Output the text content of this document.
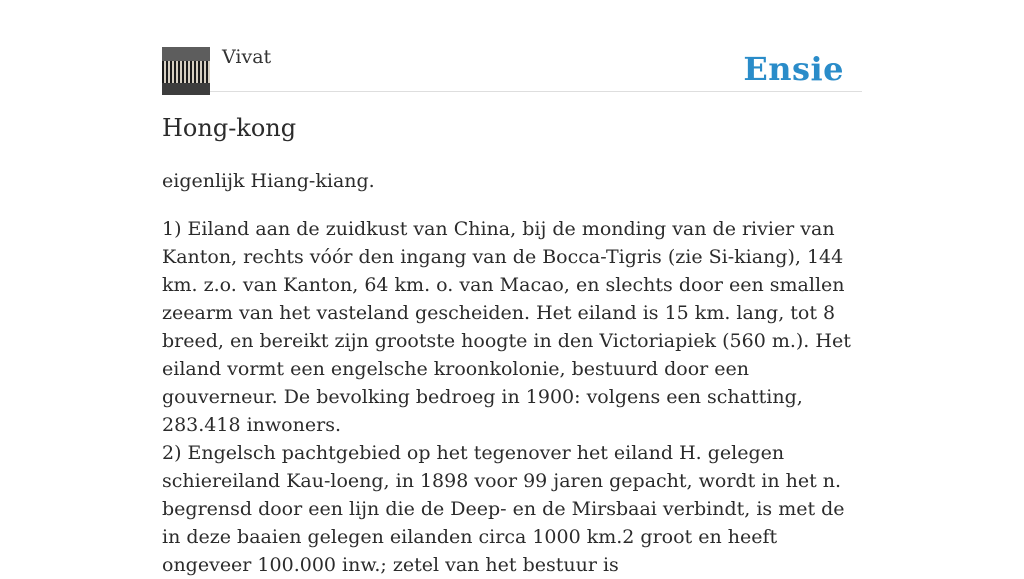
Vivat	Ensie
Hong-kong

eigenlijk Hiang-kiang.

1) Eiland aan de zuidkust van China, bij de monding van de rivier van Kanton, rechts vóór den ingang van de Bocca-Tigris (zie Si-kiang), 144 km. z.o. van Kanton, 64 km. o. van Macao, en slechts door een smallen zeearm van het vasteland gescheiden. Het eiland is 15 km. lang, tot 8 breed, en bereikt zijn grootste hoogte in den Victoriapiek (560 m.). Het eiland vormt een engelsche kroonkolonie, bestuurd door een gouverneur. De bevolking bedroeg in 1900: volgens een schatting, 283.418 inwoners.

2) Engelsch pachtgebied op het tegenover het eiland H. gelegen schiereiland Kau-loeng, in 1898 voor 99 jaren gepacht, wordt in het n. begrensd door een lijn die de Deep- en de Mirsbaai verbindt, is met de in deze baaien gelegen eilanden circa 1000 km.2 groot en heeft ongeveer 100.000 inw.; zetel van het bestuur is
